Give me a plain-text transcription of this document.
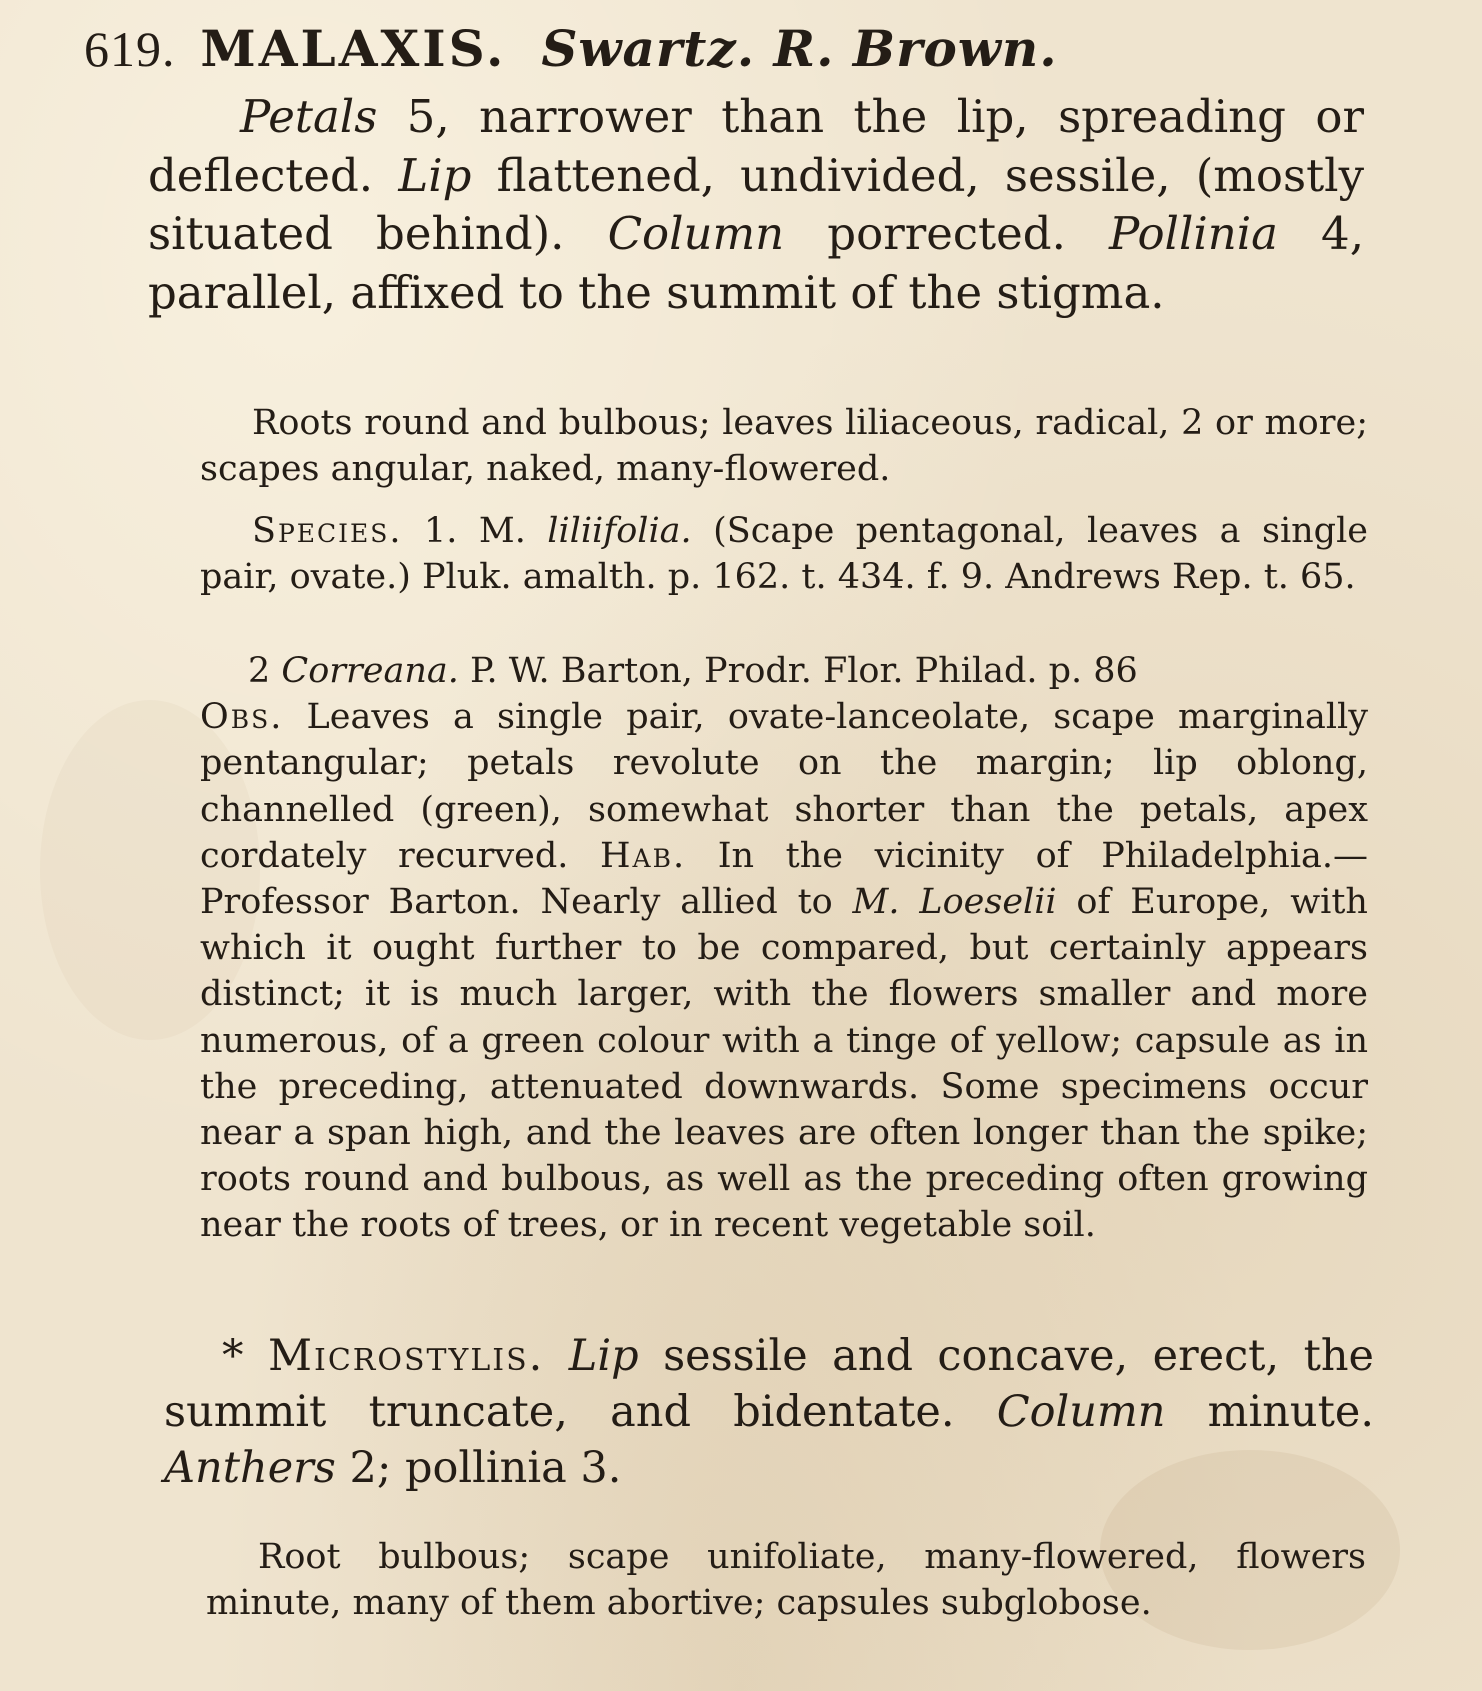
619. MALAXIS. Swartz. R. Brown.
Petals 5, narrower than the lip, spreading or deflected. Lip flattened, undivided, sessile, (mostly situated behind). Column porrected. Pollinia 4, parallel, affixed to the summit of the stigma.
Roots round and bulbous; leaves liliaceous, radical, 2 or more; scapes angular, naked, many-flowered.
Species. 1. M. liliifolia. (Scape pentagonal, leaves a single pair, ovate.) Pluk. amalth. p. 162. t. 434. f. 9. Andrews Rep. t. 65.
2 Correana. P. W. Barton, Prodr. Flor. Philad. p. 86
Obs. Leaves a single pair, ovate-lanceolate, scape marginally pentangular; petals revolute on the margin; lip oblong, channelled (green), somewhat shorter than the petals, apex cordately recurved. Hab. In the vicinity of Philadelphia.—Professor Barton. Nearly allied to M. Loeselii of Europe, with which it ought further to be compared, but certainly appears distinct; it is much larger, with the flowers smaller and more numerous, of a green colour with a tinge of yellow; capsule as in the preceding, attenuated downwards. Some specimens occur near a span high, and the leaves are often longer than the spike; roots round and bulbous, as well as the preceding often growing near the roots of trees, or in recent vegetable soil.
* Microstylis. Lip sessile and concave, erect, the summit truncate, and bidentate. Column minute. Anthers 2; pollinia 3.
Root bulbous; scape unifoliate, many-flowered, flowers minute, many of them abortive; capsules subglobose.
